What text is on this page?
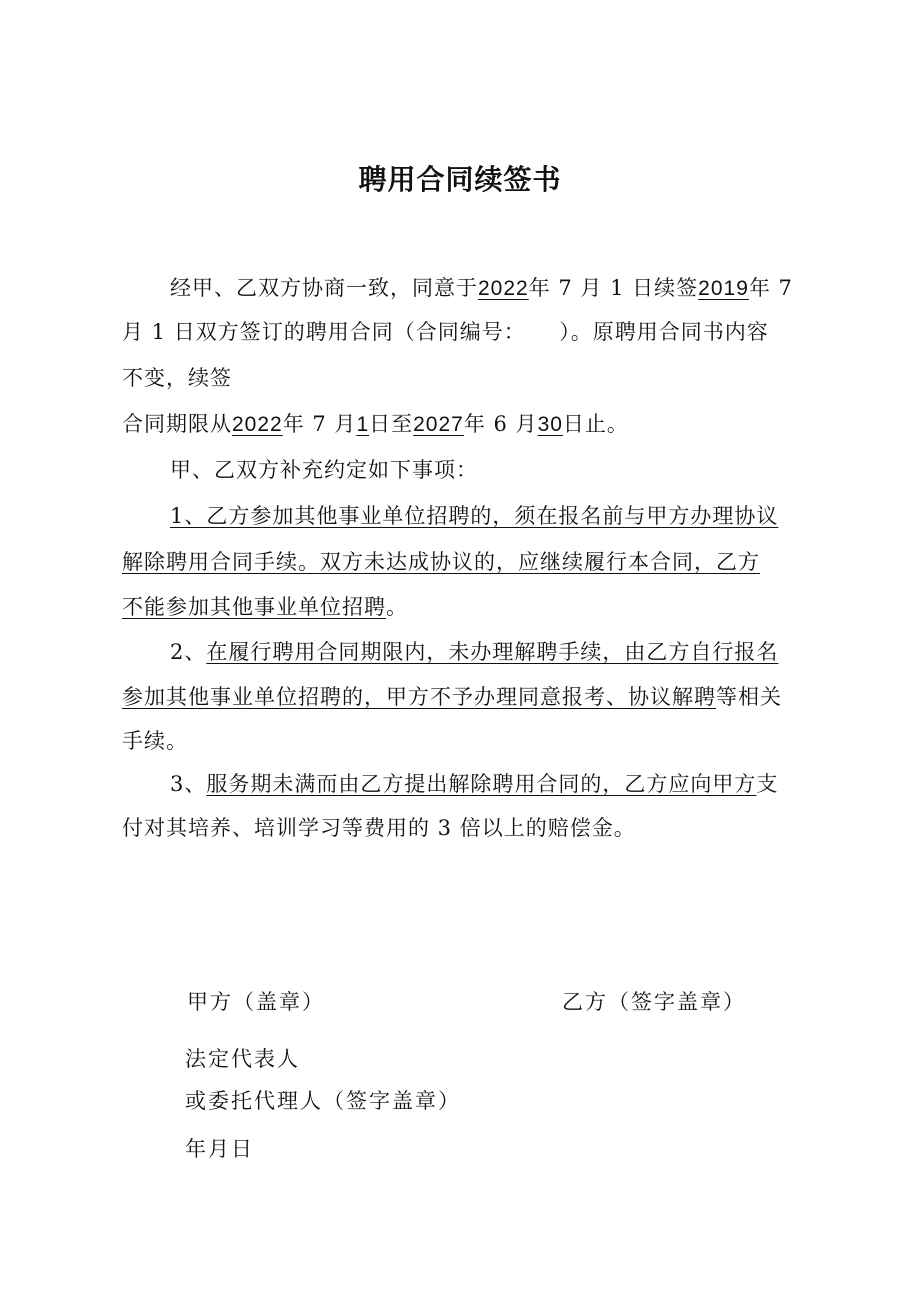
聘用合同续签书
经甲、乙双方协商一致，同意于2022年 7 月 1 日续签2019年 7
月 1 日双方签订的聘用合同（合同编号：　　）。原聘用合同书内容
不变，续签
合同期限从2022年 7 月1日至2027年 6 月30日止。
甲、乙双方补充约定如下事项：
1、乙方参加其他事业单位招聘的，须在报名前与甲方办理协议
解除聘用合同手续。双方未达成协议的，应继续履行本合同，乙方
不能参加其他事业单位招聘。
2、在履行聘用合同期限内，未办理解聘手续，由乙方自行报名
参加其他事业单位招聘的，甲方不予办理同意报考、协议解聘等相关
手续。
3、服务期未满而由乙方提出解除聘用合同的，乙方应向甲方支
付对其培养、培训学习等费用的 3 倍以上的赔偿金。
甲方（盖章）	乙方（签字盖章）
法定代表人
或委托代理人（签字盖章）
年月日
